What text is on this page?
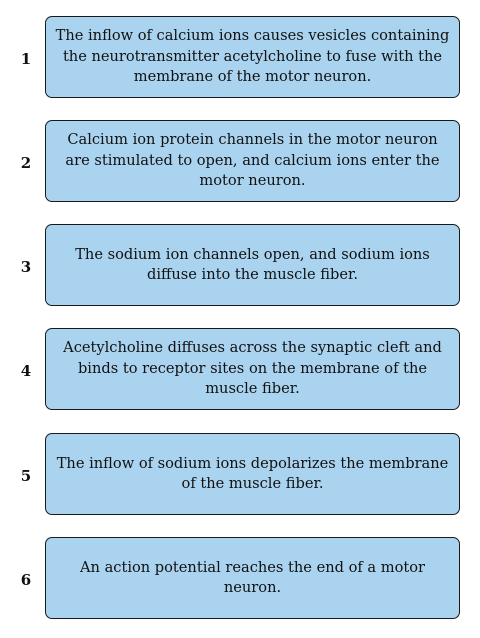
1
The inflow of calcium ions causes vesicles containing the neurotransmitter acetylcholine to fuse with the membrane of the motor neuron.
2
Calcium ion protein channels in the motor neuron are stimulated to open, and calcium ions enter the motor neuron.
3
The sodium ion channels open, and sodium ions diffuse into the muscle fiber.
4
Acetylcholine diffuses across the synaptic cleft and binds to receptor sites on the membrane of the muscle fiber.
5
The inflow of sodium ions depolarizes the membrane of the muscle fiber.
6
An action potential reaches the end of a motor neuron.
